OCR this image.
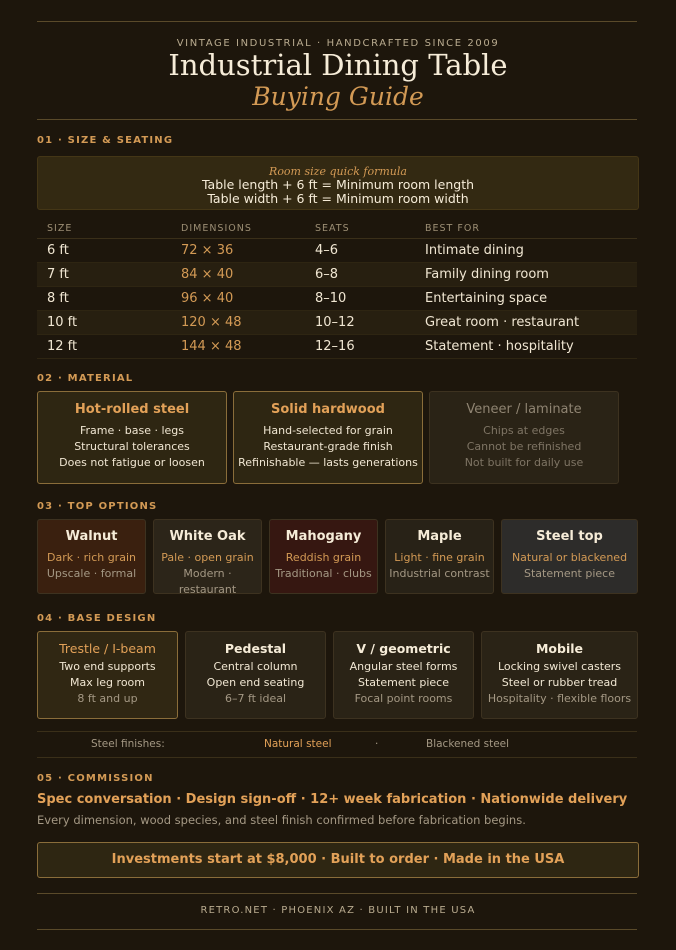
VINTAGE INDUSTRIAL · HANDCRAFTED SINCE 2009
Industrial Dining Table
Buying Guide
01 · SIZE & SEATING
Room size quick formula
Table length + 6 ft = Minimum room length
Table width + 6 ft = Minimum room width
SIZE	DIMENSIONS	SEATS	BEST FOR
6 ft	72 × 36	4–6	Intimate dining
7 ft	84 × 40	6–8	Family dining room
8 ft	96 × 40	8–10	Entertaining space
10 ft	120 × 48	10–12	Great room · restaurant
12 ft	144 × 48	12–16	Statement · hospitality
02 · MATERIAL
Hot-rolled steel
Frame · base · legs
Structural tolerances
Does not fatigue or loosen
Solid hardwood
Hand-selected for grain
Restaurant-grade finish
Refinishable — lasts generations
Veneer / laminate
Chips at edges
Cannot be refinished
Not built for daily use
03 · TOP OPTIONS
Walnut
Dark · rich grain
Upscale · formal
White Oak
Pale · open grain
Modern · restaurant
Mahogany
Reddish grain
Traditional · clubs
Maple
Light · fine grain
Industrial contrast
Steel top
Natural or blackened
Statement piece
04 · BASE DESIGN
Trestle / I-beam
Two end supports
Max leg room
8 ft and up
Pedestal
Central column
Open end seating
6–7 ft ideal
V / geometric
Angular steel forms
Statement piece
Focal point rooms
Mobile
Locking swivel casters
Steel or rubber tread
Hospitality · flexible floors
Steel finishes:	Natural steel	·	Blackened steel
05 · COMMISSION
Spec conversation · Design sign-off · 12+ week fabrication · Nationwide delivery
Every dimension, wood species, and steel finish confirmed before fabrication begins.
Investments start at $8,000 · Built to order · Made in the USA
RETRO.NET · PHOENIX AZ · BUILT IN THE USA
